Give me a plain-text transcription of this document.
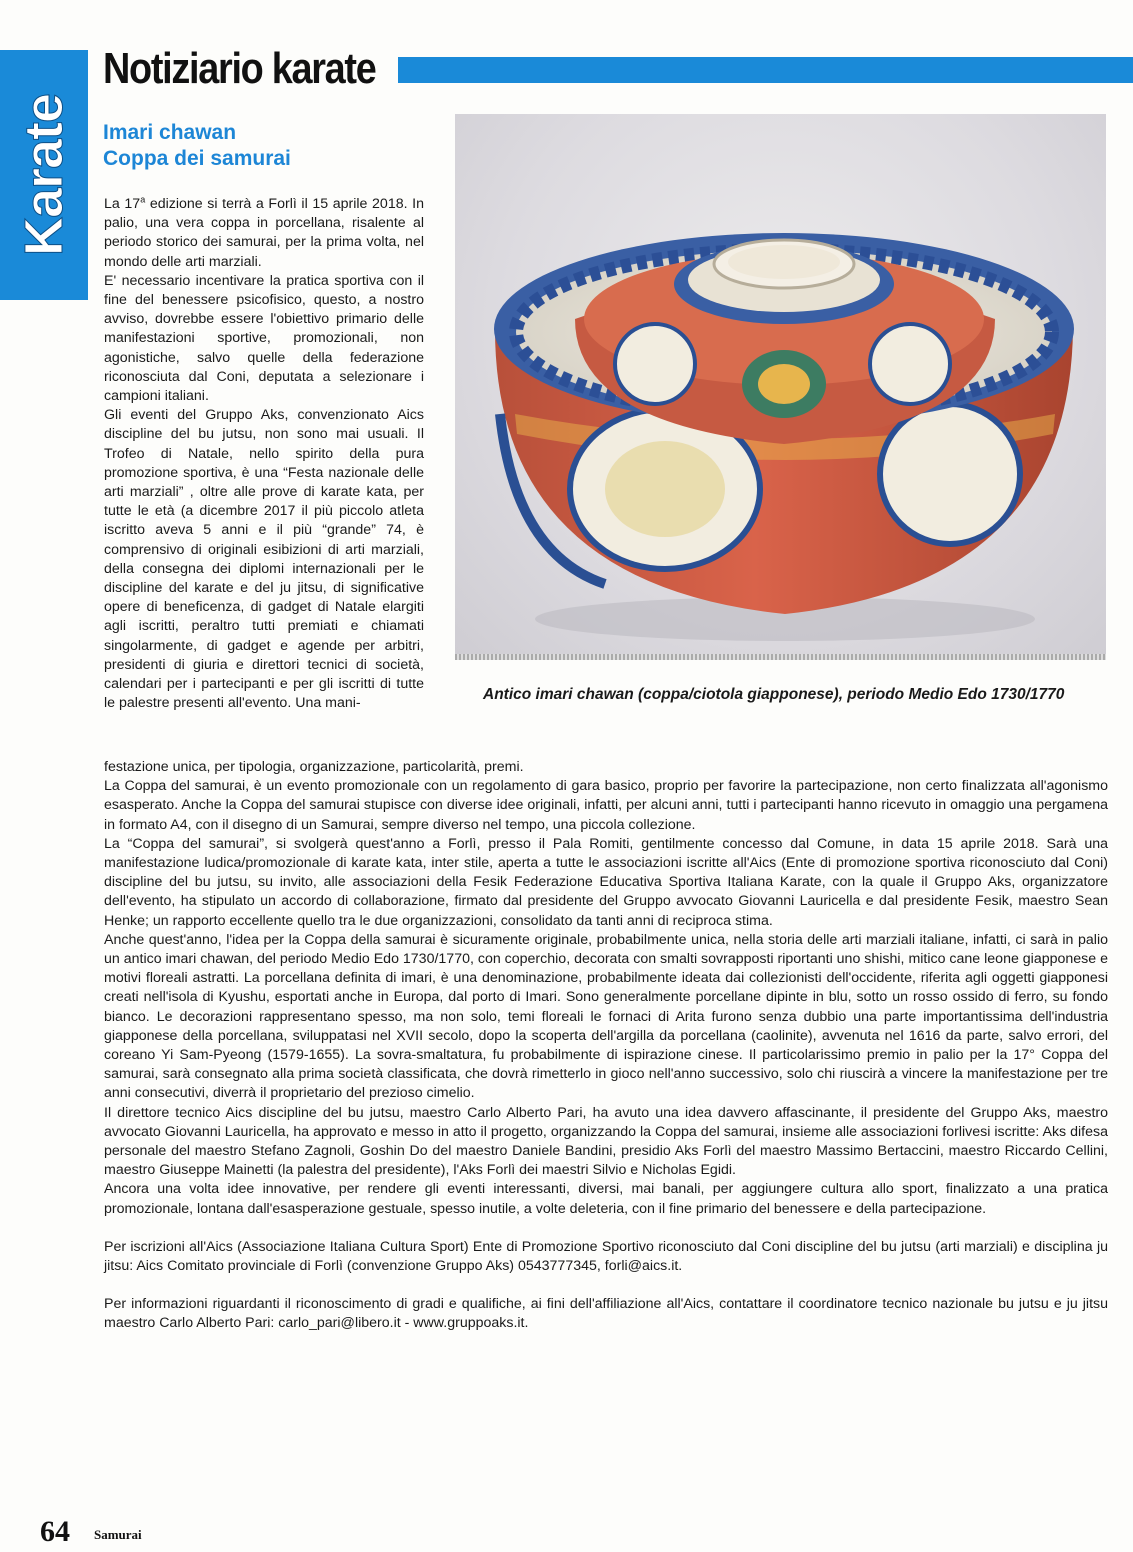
Karate
Notiziario karate
Imari chawan
Coppa dei samurai
Antico imari chawan (coppa/ciotola giapponese), periodo Medio Edo 1730/1770

La 17$^a$ edizione si terrà a Forlì il 15 aprile 2018. In palio, una vera coppa in porcellana, risalente al periodo storico dei samurai, per la prima volta, nel mondo delle arti marziali.

E' necessario incentivare la pratica sportiva con il fine del benessere psicofisico, questo, a nostro avviso, dovrebbe essere l'obiettivo primario delle manifestazioni sportive, promozionali, non agonistiche, salvo quelle della federazione riconosciuta dal Coni, deputata a selezionare i campioni italiani.

Gli eventi del Gruppo Aks, convenzionato Aics discipline del bu jutsu, non sono mai usuali. Il Trofeo di Natale, nello spirito della pura promozione sportiva, è una “Festa nazionale delle arti marziali” , oltre alle prove di karate kata, per tutte le età (a dicembre 2017 il più piccolo atleta iscritto aveva 5 anni e il più “grande” 74, è comprensivo di originali esibizioni di arti marziali, della consegna dei diplomi internazionali per le discipline del karate e del ju jitsu, di significative opere di beneficenza, di gadget di Natale elargiti agli iscritti, peraltro tutti premiati e chiamati singolarmente, di gadget e agende per arbitri, presidenti di giuria e direttori tecnici di società, calendari per i partecipanti e per gli iscritti di tutte le palestre presenti all'evento. Una mani-

festazione unica, per tipologia, organizzazione, particolarità, premi.

La Coppa del samurai, è un evento promozionale con un regolamento di gara basico, proprio per favorire la partecipazione, non certo finalizzata all'agonismo esasperato. Anche la Coppa del samurai stupisce con diverse idee originali, infatti, per alcuni anni, tutti i partecipanti hanno ricevuto in omaggio una pergamena in formato A4, con il disegno di un Samurai, sempre diverso nel tempo, una piccola collezione.

La “Coppa del samurai”, si svolgerà quest'anno a Forlì, presso il Pala Romiti, gentilmente concesso dal Comune, in data 15 aprile 2018. Sarà una manifestazione ludica/promozionale di karate kata, inter stile, aperta a tutte le associazioni iscritte all'Aics (Ente di promozione sportiva riconosciuto dal Coni) discipline del bu jutsu, su invito, alle associazioni della Fesik Federazione Educativa Sportiva Italiana Karate, con la quale il Gruppo Aks, organizzatore dell'evento, ha stipulato un accordo di collaborazione, firmato dal presidente del Gruppo avvocato Giovanni Lauricella e dal presidente Fesik, maestro Sean Henke; un rapporto eccellente quello tra le due organizzazioni, consolidato da tanti anni di reciproca stima.

Anche quest'anno, l'idea per la Coppa della samurai è sicuramente originale, probabilmente unica, nella storia delle arti marziali italiane, infatti, ci sarà in palio un antico imari chawan, del periodo Medio Edo 1730/1770, con coperchio, decorata con smalti sovrapposti riportanti uno shishi, mitico cane leone giapponese e motivi floreali astratti. La porcellana definita di imari, è una denominazione, probabilmente ideata dai collezionisti dell'occidente, riferita agli oggetti giapponesi creati nell'isola di Kyushu, esportati anche in Europa, dal porto di Imari. Sono generalmente porcellane dipinte in blu, sotto un rosso ossido di ferro, su fondo bianco. Le decorazioni rappresentano spesso, ma non solo, temi floreali le fornaci di Arita furono senza dubbio una parte importantissima dell'industria giapponese della porcellana, sviluppatasi nel XVII secolo, dopo la scoperta dell'argilla da porcellana (caolinite), avvenuta nel 1616 da parte, salvo errori, del coreano Yi Sam-Pyeong (1579-1655). La sovra-smaltatura, fu probabilmente di ispirazione cinese. Il particolarissimo premio in palio per la 17° Coppa del samurai, sarà consegnato alla prima società classificata, che dovrà rimetterlo in gioco nell'anno successivo, solo chi riuscirà a vincere la manifestazione per tre anni consecutivi, diverrà il proprietario del prezioso cimelio.

Il direttore tecnico Aics discipline del bu jutsu, maestro Carlo Alberto Pari, ha avuto una idea davvero affascinante, il presidente del Gruppo Aks, maestro avvocato Giovanni Lauricella, ha approvato e messo in atto il progetto, organizzando la Coppa del samurai, insieme alle associazioni forlivesi iscritte: Aks difesa personale del maestro Stefano Zagnoli, Goshin Do del maestro Daniele Bandini, presidio Aks Forlì del maestro Massimo Bertaccini, maestro Riccardo Cellini, maestro Giuseppe Mainetti (la palestra del presidente), l'Aks Forlì dei maestri Silvio e Nicholas Egidi.

Ancora una volta idee innovative, per rendere gli eventi interessanti, diversi, mai banali, per aggiungere cultura allo sport, finalizzato a una pratica promozionale, lontana dall'esasperazione gestuale, spesso inutile, a volte deleteria, con il fine primario del benessere e della partecipazione.

Per iscrizioni all'Aics (Associazione Italiana Cultura Sport) Ente di Promozione Sportivo riconosciuto dal Coni discipline del bu jutsu (arti marziali) e disciplina ju jitsu: Aics Comitato provinciale di Forlì (convenzione Gruppo Aks) 0543777345, forli@aics.it.

Per informazioni riguardanti il riconoscimento di gradi e qualifiche, ai fini dell'affiliazione all'Aics, contattare il coordinatore tecnico nazionale bu jutsu e ju jitsu maestro Carlo Alberto Pari: carlo_pari@libero.it - www.gruppoaks.it.

64 Samurai
